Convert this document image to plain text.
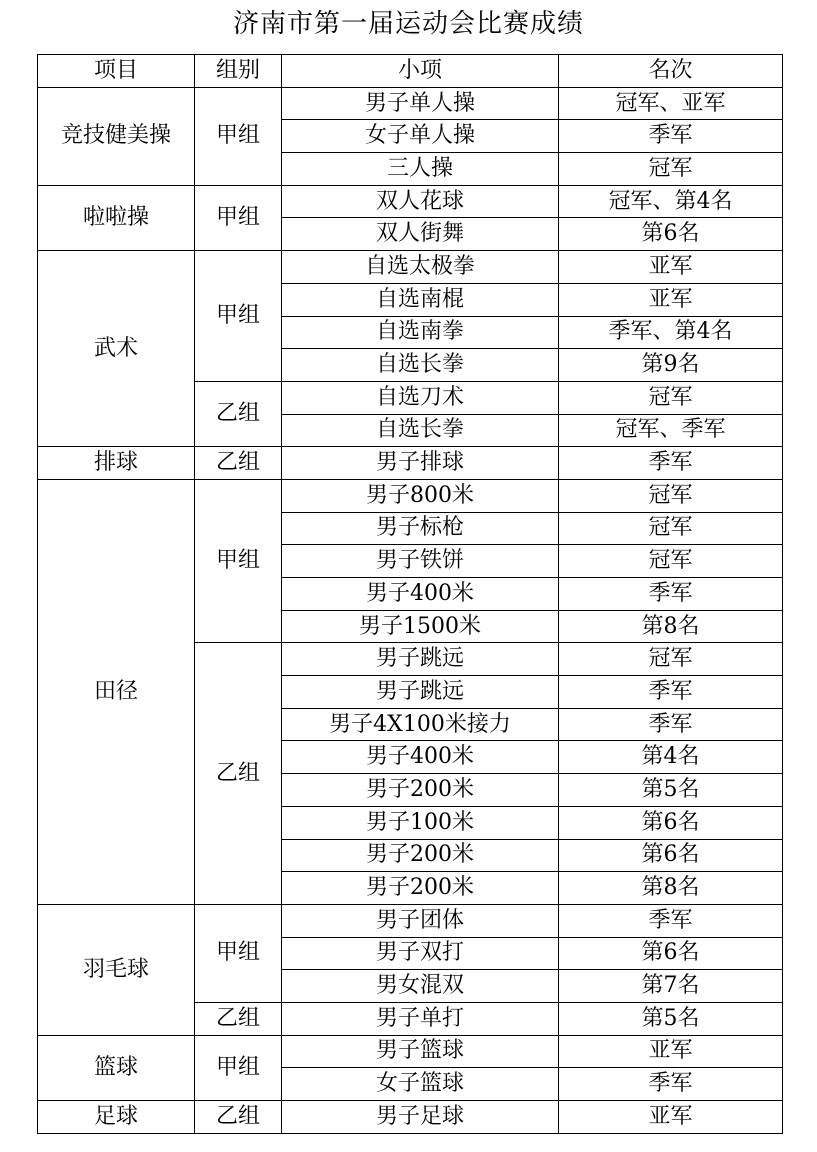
济南市第一届运动会比赛成绩
项目	组别	小项	名次
竞技健美操	甲组	男子单人操	冠军、亚军
		女子单人操	季军
		三人操	冠军
啦啦操	甲组	双人花球	冠军、第4名
		双人街舞	第6名
武术	甲组	自选太极拳	亚军
		自选南棍	亚军
		自选南拳	季军、第4名
		自选长拳	第9名
	乙组	自选刀术	冠军
		自选长拳	冠军、季军
排球	乙组	男子排球	季军
田径	甲组	男子800米	冠军
		男子标枪	冠军
		男子铁饼	冠军
		男子400米	季军
		男子1500米	第8名
	乙组	男子跳远	冠军
		男子跳远	季军
		男子4X100米接力	季军
		男子400米	第4名
		男子200米	第5名
		男子100米	第6名
		男子200米	第6名
		男子200米	第8名
羽毛球	甲组	男子团体	季军
		男子双打	第6名
		男女混双	第7名
	乙组	男子单打	第5名
篮球	甲组	男子篮球	亚军
		女子篮球	季军
足球	乙组	男子足球	亚军
